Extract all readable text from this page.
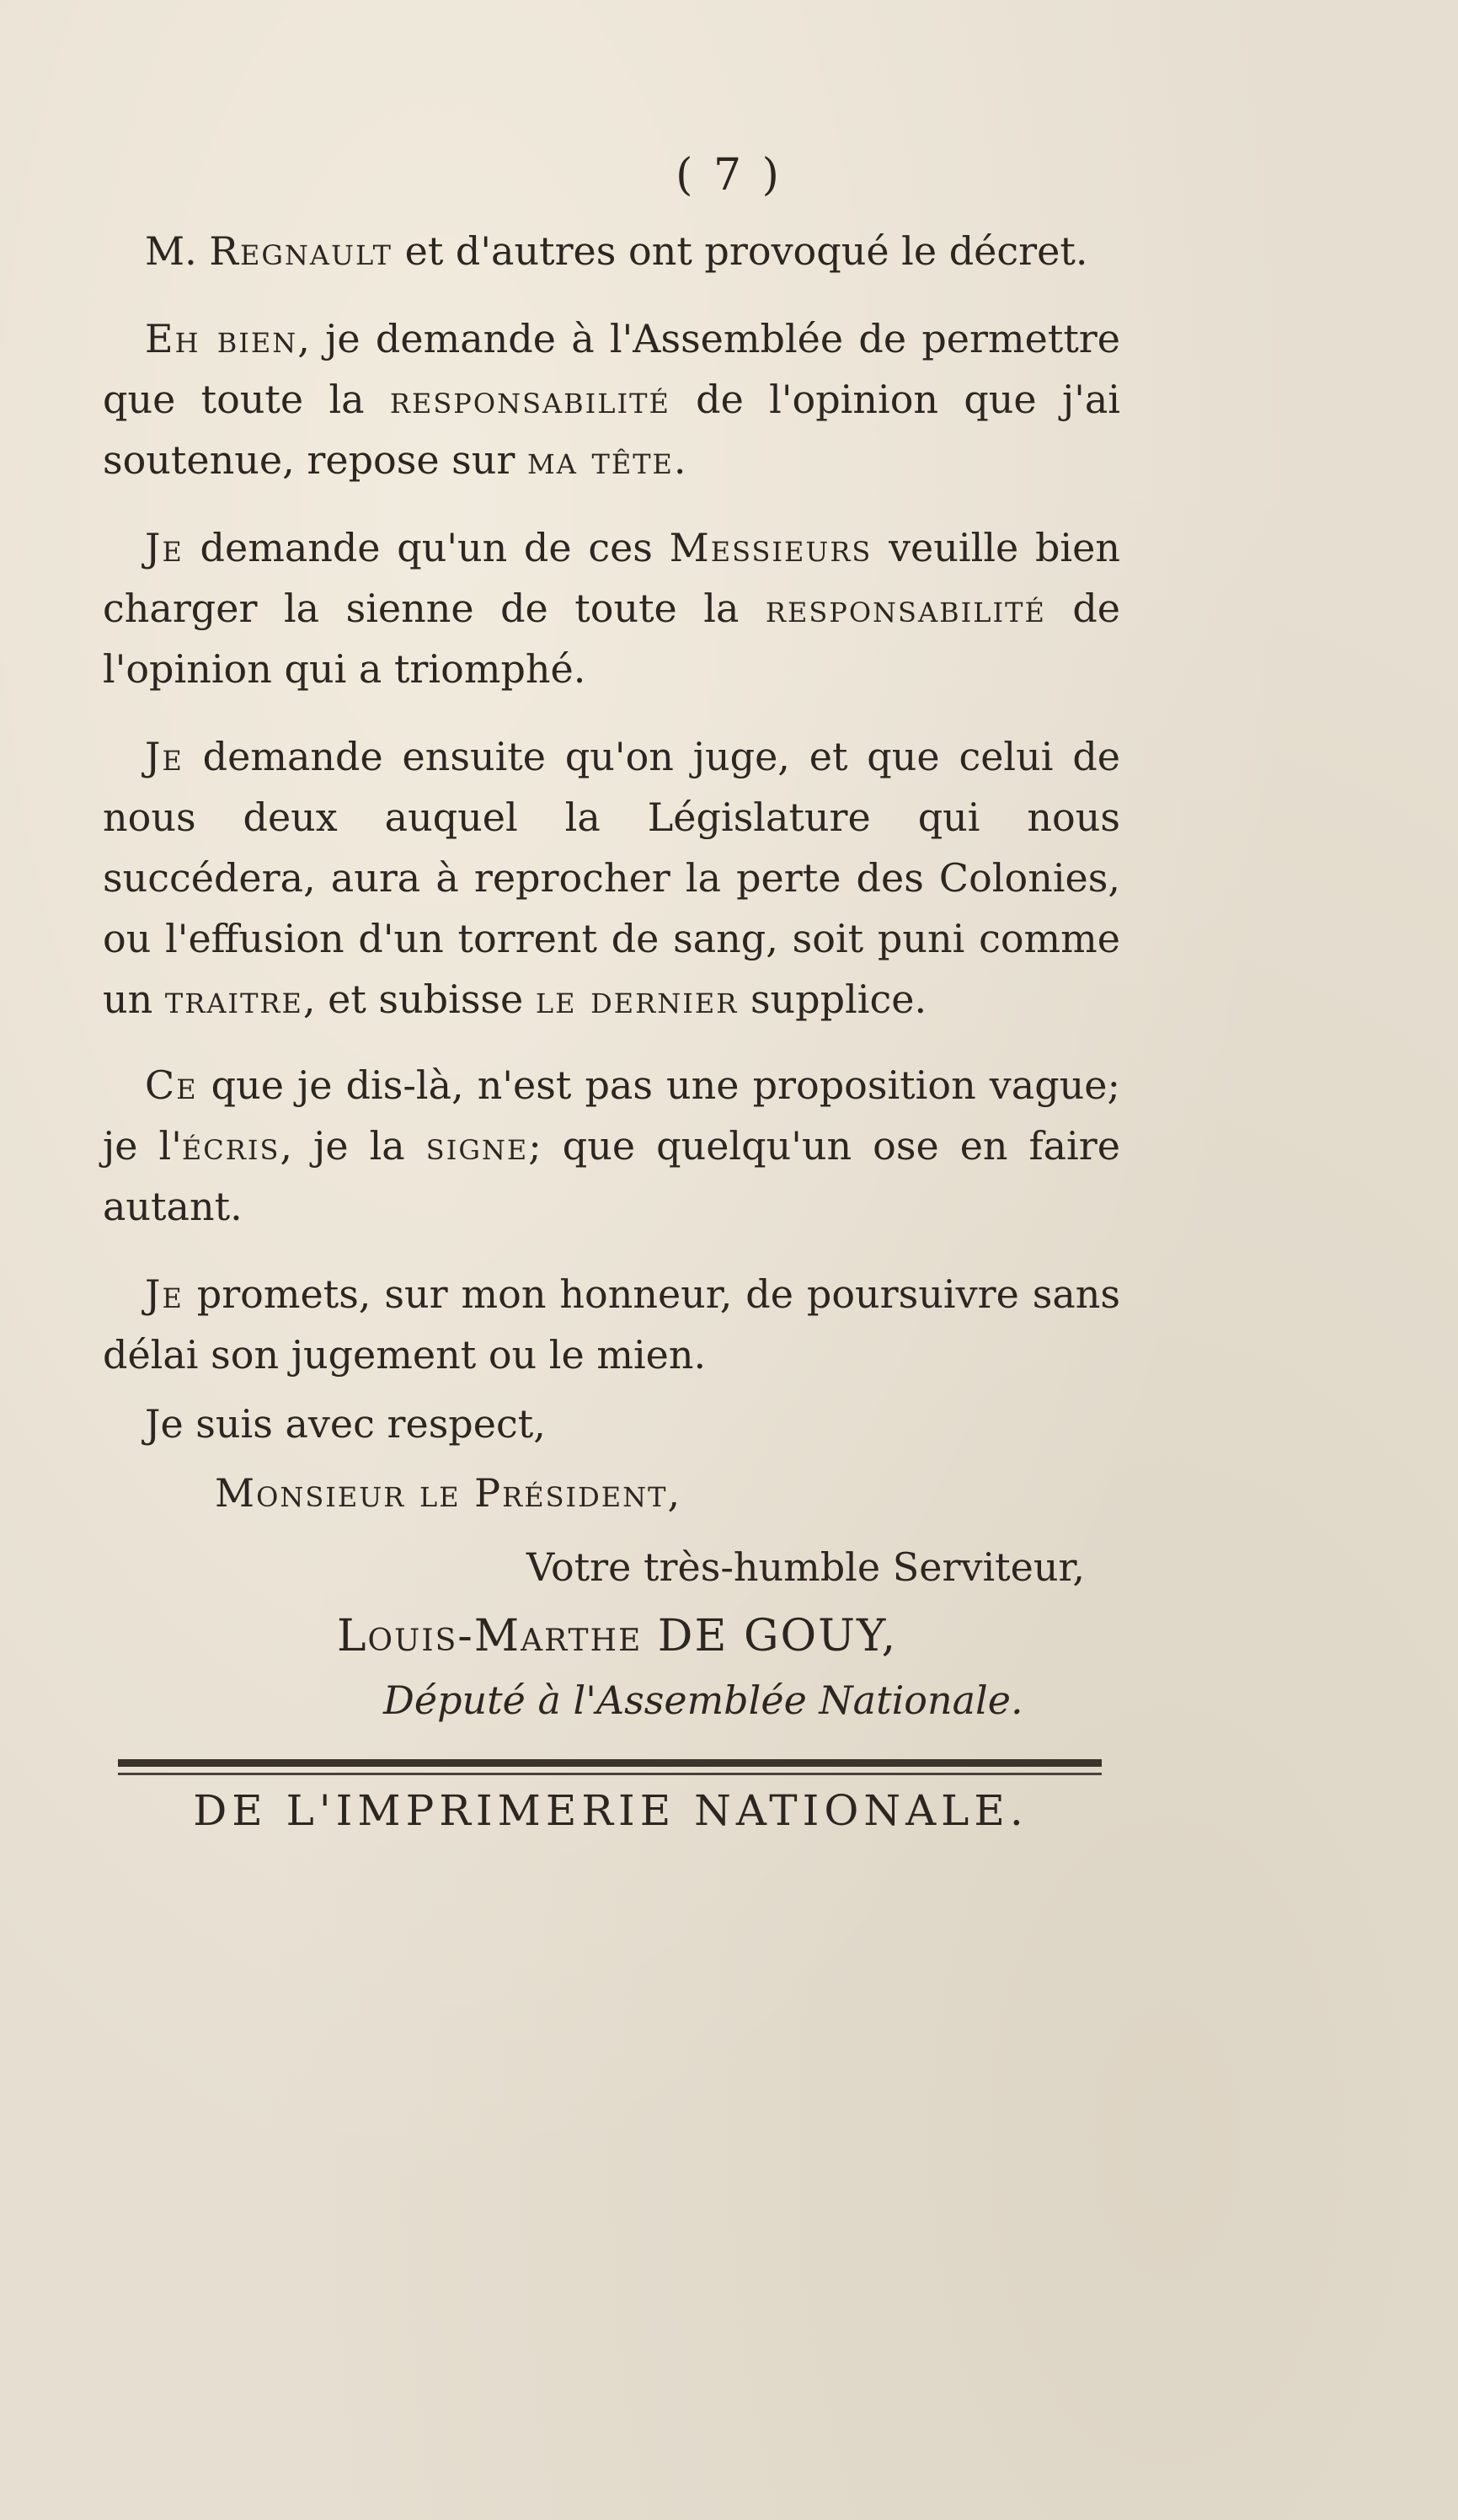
( 7 )

M. Regnault et d'autres ont provoqué le décret.

Eh bien, je demande à l'Assemblée de permettre que toute la responsabilité de l'opinion que j'ai soutenue, repose sur ma tête.

Je demande qu'un de ces Messieurs veuille bien charger la sienne de toute la responsabilité de l'opinion qui a triomphé.

Je demande ensuite qu'on juge, et que celui de nous deux auquel la Législature qui nous succédera, aura à reprocher la perte des Colonies, ou l'effusion d'un torrent de sang, soit puni comme un traitre, et subisse le dernier supplice.

Ce que je dis-là, n'est pas une proposition vague; je l'écris, je la signe; que quelqu'un ose en faire autant.

Je promets, sur mon honneur, de poursuivre sans délai son jugement ou le mien.

Je suis avec respect,

Monsieur le Président,

Votre très-humble Serviteur,

Louis-Marthe DE GOUY,

Député à l'Assemblée Nationale.

DE L'IMPRIMERIE NATIONALE.
